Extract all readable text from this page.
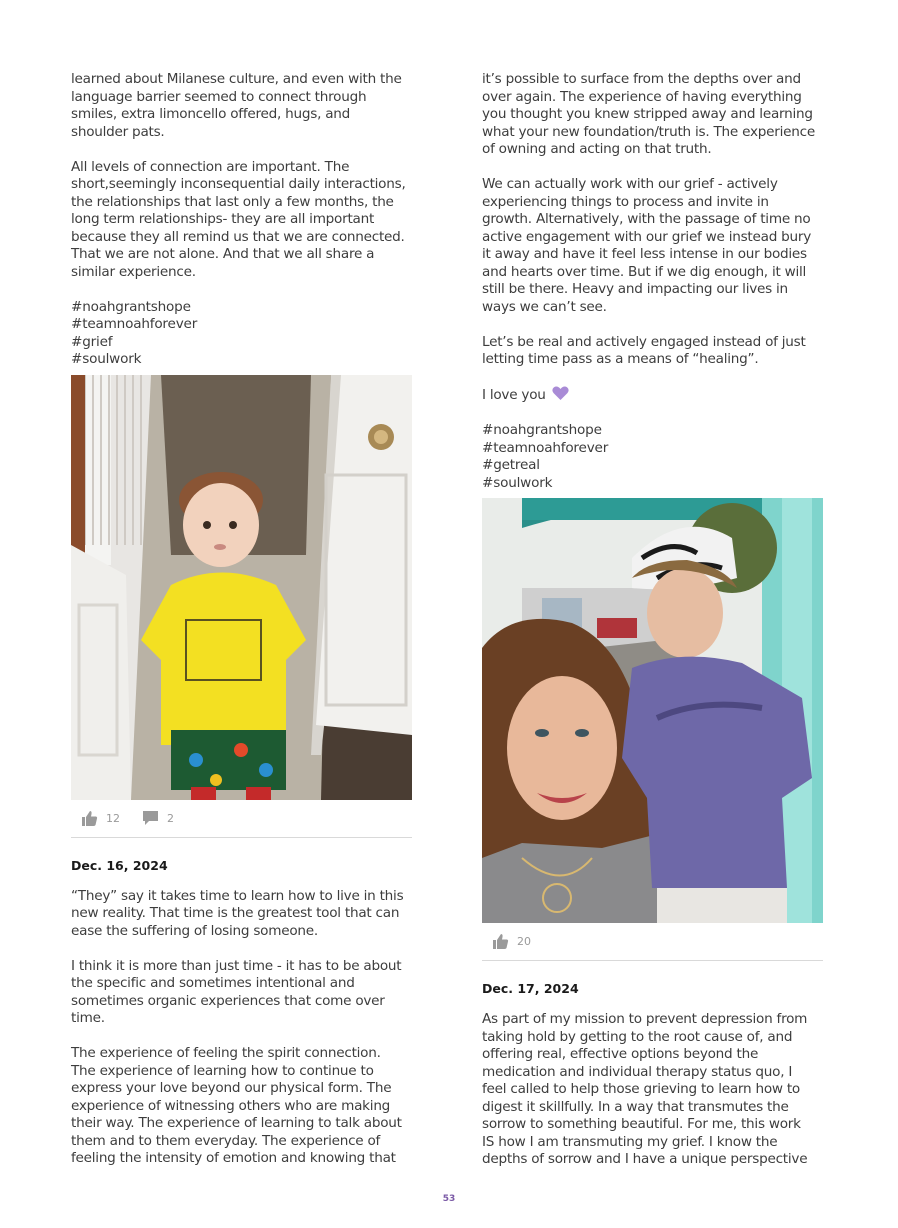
learned about Milanese culture, and even with the
language barrier seemed to connect through
smiles, extra limoncello offered, hugs, and
shoulder pats.

All levels of connection are important. The
short,seemingly inconsequential daily interactions,
the relationships that last only a few months, the
long term relationships- they are all important
because they all remind us that we are connected.
That we are not alone. And that we all share a
similar experience.

#noahgrantshope
#teamnoahforever
#grief
#soulwork
12	2

Dec. 16, 2024

“They” say it takes time to learn how to live in this
new reality. That time is the greatest tool that can
ease the suffering of losing someone.

I think it is more than just time - it has to be about
the specific and sometimes intentional and
sometimes organic experiences that come over
time.

The experience of feeling the spirit connection.
The experience of learning how to continue to
express your love beyond our physical form. The
experience of witnessing others who are making
their way. The experience of learning to talk about
them and to them everyday. The experience of
feeling the intensity of emotion and knowing that

it’s possible to surface from the depths over and
over again. The experience of having everything
you thought you knew stripped away and learning
what your new foundation/truth is. The experience
of owning and acting on that truth.

We can actually work with our grief - actively
experiencing things to process and invite in
growth. Alternatively, with the passage of time no
active engagement with our grief we instead bury
it away and have it feel less intense in our bodies
and hearts over time. But if we dig enough, it will
still be there. Heavy and impacting our lives in
ways we can’t see.

Let’s be real and actively engaged instead of just
letting time pass as a means of “healing”.

I love you

#noahgrantshope
#teamnoahforever
#getreal
#soulwork
20

Dec. 17, 2024

As part of my mission to prevent depression from
taking hold by getting to the root cause of, and
offering real, effective options beyond the
medication and individual therapy status quo, I
feel called to help those grieving to learn how to
digest it skillfully. In a way that transmutes the
sorrow to something beautiful. For me, this work
IS how I am transmuting my grief. I know the
depths of sorrow and I have a unique perspective

53
